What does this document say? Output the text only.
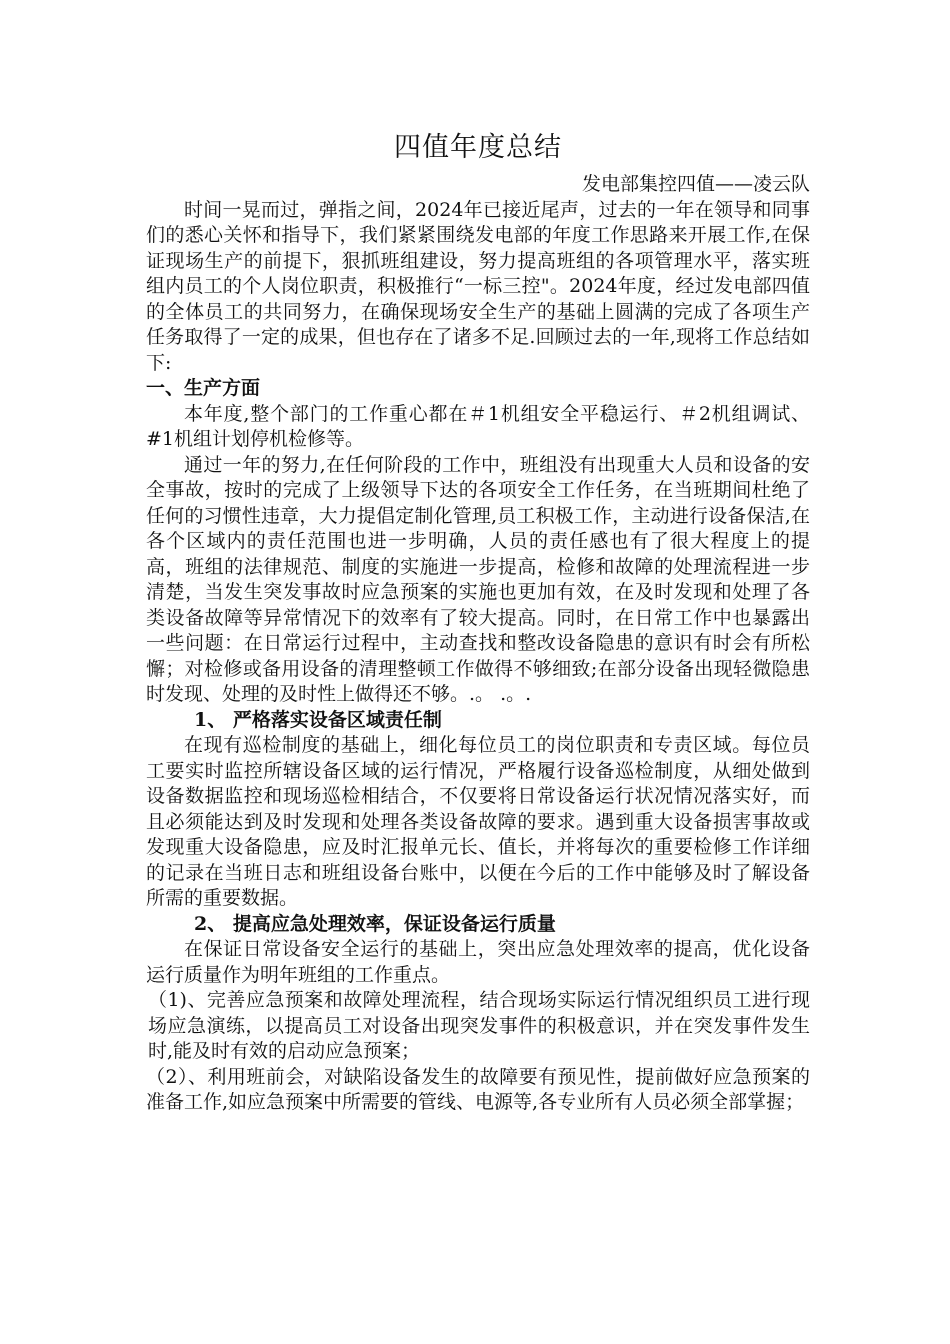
四值年度总结

发电部集控四值——凌云队

时间一晃而过，弹指之间，2024年已接近尾声，过去的一年在领导和同事们的悉心关怀和指导下，我们紧紧围绕发电部的年度工作思路来开展工作,在保证现场生产的前提下，狠抓班组建设，努力提高班组的各项管理水平，落实班组内员工的个人岗位职责，积极推行“一标三控"。2024年度，经过发电部四值的全体员工的共同努力，在确保现场安全生产的基础上圆满的完成了各项生产任务取得了一定的成果，但也存在了诸多不足.回顾过去的一年,现将工作总结如下:

一、生产方面

本年度,整个部门的工作重心都在＃1机组安全平稳运行、＃2机组调试、#1机组计划停机检修等。

通过一年的努力,在任何阶段的工作中，班组没有出现重大人员和设备的安全事故，按时的完成了上级领导下达的各项安全工作任务，在当班期间杜绝了任何的习惯性违章，大力提倡定制化管理,员工积极工作，主动进行设备保洁,在各个区域内的责任范围也进一步明确，人员的责任感也有了很大程度上的提高，班组的法律规范、制度的实施进一步提高，检修和故障的处理流程进一步清楚，当发生突发事故时应急预案的实施也更加有效，在及时发现和处理了各类设备故障等异常情况下的效率有了较大提高。同时，在日常工作中也暴露出一些问题：在日常运行过程中，主动查找和整改设备隐患的意识有时会有所松懈；对检修或备用设备的清理整顿工作做得不够细致;在部分设备出现轻微隐患时发现、处理的及时性上做得还不够。.。 .。.

1、 严格落实设备区域责任制

在现有巡检制度的基础上，细化每位员工的岗位职责和专责区域。每位员工要实时监控所辖设备区域的运行情况，严格履行设备巡检制度，从细处做到设备数据监控和现场巡检相结合，不仅要将日常设备运行状况情况落实好，而且必须能达到及时发现和处理各类设备故障的要求。遇到重大设备损害事故或发现重大设备隐患，应及时汇报单元长、值长，并将每次的重要检修工作详细的记录在当班日志和班组设备台账中，以便在今后的工作中能够及时了解设备所需的重要数据。

2、 提高应急处理效率，保证设备运行质量

在保证日常设备安全运行的基础上，突出应急处理效率的提高，优化设备运行质量作为明年班组的工作重点。

（1)、完善应急预案和故障处理流程，结合现场实际运行情况组织员工进行现场应急演练，以提高员工对设备出现突发事件的积极意识，并在突发事件发生时,能及时有效的启动应急预案；

（2）、利用班前会，对缺陷设备发生的故障要有预见性，提前做好应急预案的准备工作,如应急预案中所需要的管线、电源等,各专业所有人员必须全部掌握；
